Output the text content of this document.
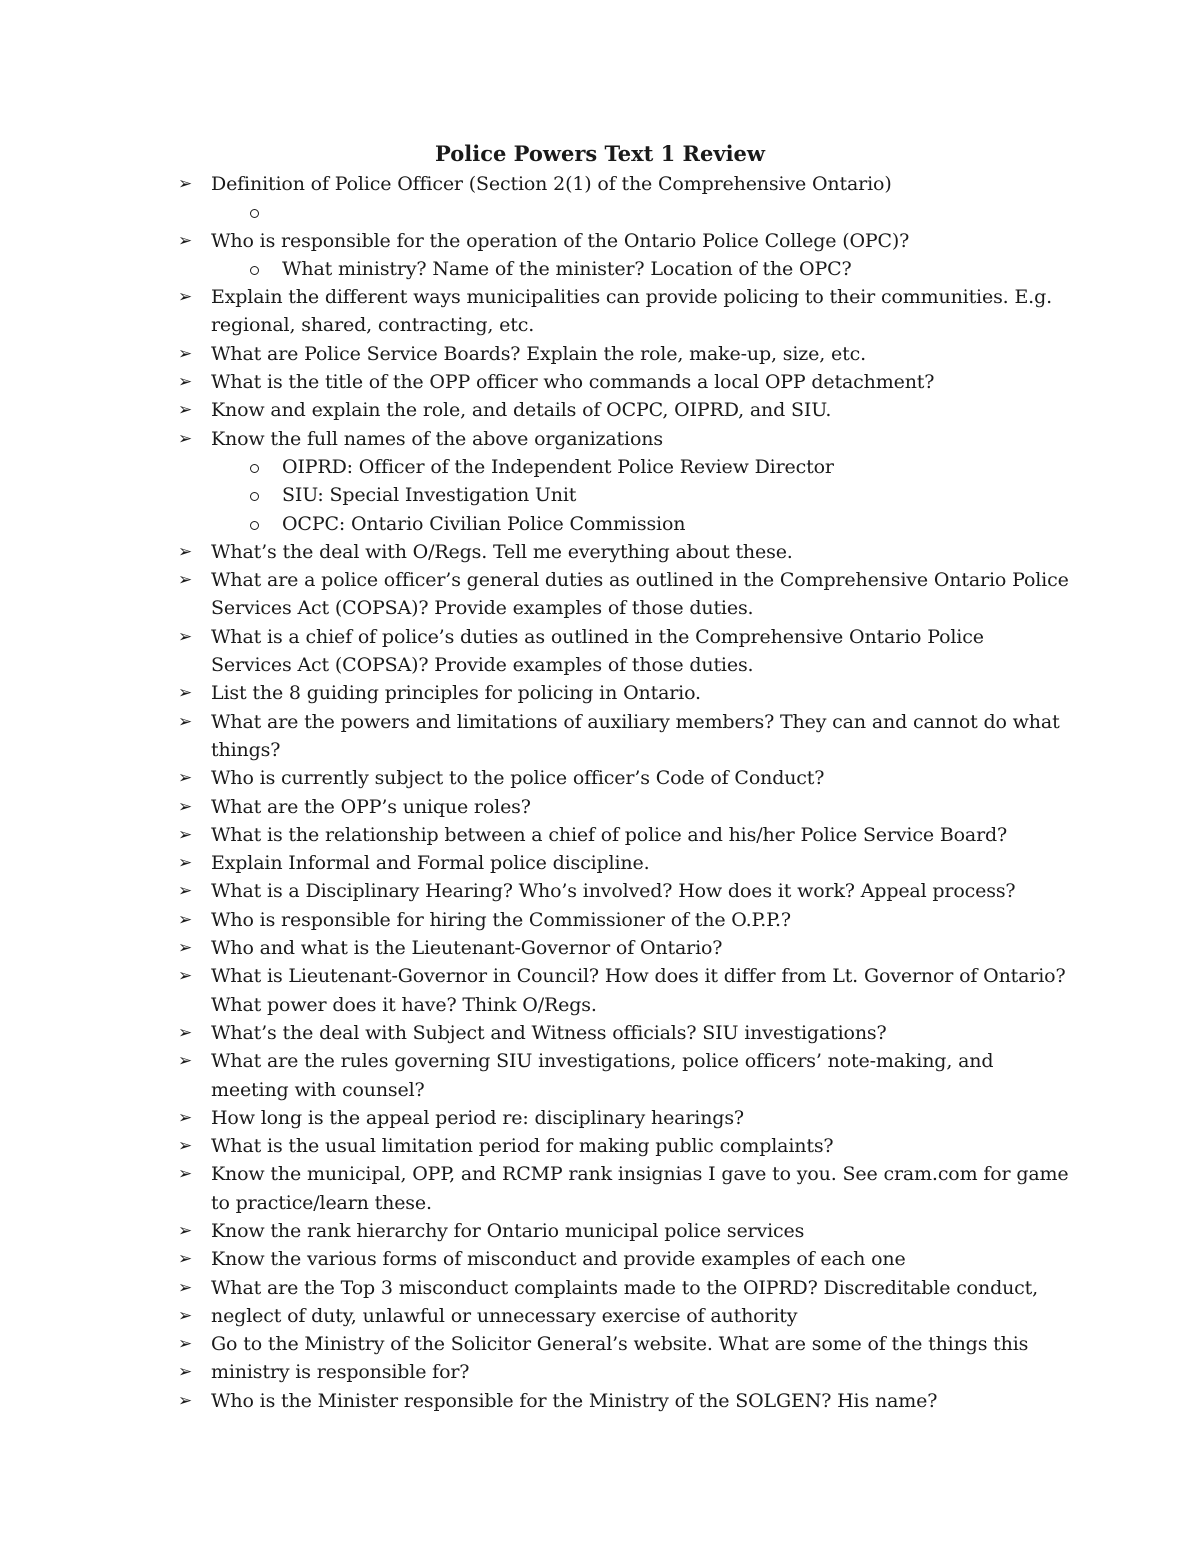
Police Powers Text 1 Review
➢ Definition of Police Officer (Section 2(1) of the Comprehensive Ontario)
➢ Who is responsible for the operation of the Ontario Police College (OPC)?
What ministry? Name of the minister? Location of the OPC?
➢ Explain the different ways municipalities can provide policing to their communities. E.g. regional, shared, contracting, etc.
➢ What are Police Service Boards? Explain the role, make-up, size, etc.
➢ What is the title of the OPP officer who commands a local OPP detachment?
➢ Know and explain the role, and details of OCPC, OIPRD, and SIU.
➢ Know the full names of the above organizations
OIPRD: Officer of the Independent Police Review Director
SIU: Special Investigation Unit
OCPC: Ontario Civilian Police Commission
➢ What’s the deal with O/Regs. Tell me everything about these.
➢ What are a police officer’s general duties as outlined in the Comprehensive Ontario Police Services Act (COPSA)? Provide examples of those duties.
➢ What is a chief of police’s duties as outlined in the Comprehensive Ontario Police Services Act (COPSA)? Provide examples of those duties.
➢ List the 8 guiding principles for policing in Ontario.
➢ What are the powers and limitations of auxiliary members? They can and cannot do what things?
➢ Who is currently subject to the police officer’s Code of Conduct?
➢ What are the OPP’s unique roles?
➢ What is the relationship between a chief of police and his/her Police Service Board?
➢ Explain Informal and Formal police discipline.
➢ What is a Disciplinary Hearing? Who’s involved? How does it work? Appeal process?
➢ Who is responsible for hiring the Commissioner of the O.P.P.?
➢ Who and what is the Lieutenant-Governor of Ontario?
➢ What is Lieutenant-Governor in Council? How does it differ from Lt. Governor of Ontario? What power does it have? Think O/Regs.
➢ What’s the deal with Subject and Witness officials? SIU investigations?
➢ What are the rules governing SIU investigations, police officers’ note-making, and meeting with counsel?
➢ How long is the appeal period re: disciplinary hearings?
➢ What is the usual limitation period for making public complaints?
➢ Know the municipal, OPP, and RCMP rank insignias I gave to you. See cram.com for game to practice/learn these.
➢ Know the rank hierarchy for Ontario municipal police services
➢ Know the various forms of misconduct and provide examples of each one
➢ What are the Top 3 misconduct complaints made to the OIPRD? Discreditable conduct,
➢ neglect of duty, unlawful or unnecessary exercise of authority
➢ Go to the Ministry of the Solicitor General’s website. What are some of the things this
➢ ministry is responsible for?
➢ Who is the Minister responsible for the Ministry of the SOLGEN? His name?
